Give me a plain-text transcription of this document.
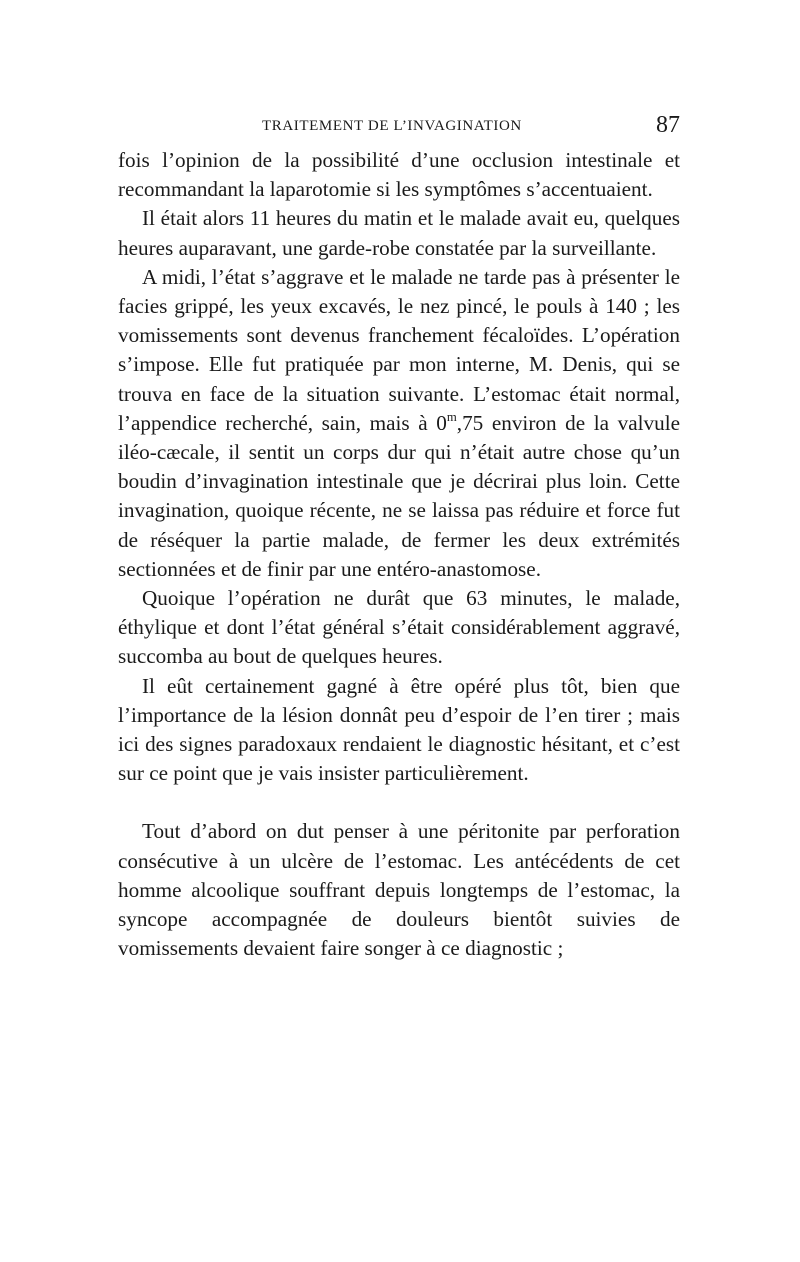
TRAITEMENT DE L’INVAGINATION	87

fois l’opinion de la possibilité d’une occlusion intestinale et recommandant la laparotomie si les symptômes s’accentuaient.

Il était alors 11 heures du matin et le malade avait eu, quelques heures auparavant, une garde-robe constatée par la surveillante.

A midi, l’état s’aggrave et le malade ne tarde pas à présenter le facies grippé, les yeux excavés, le nez pincé, le pouls à 140 ; les vomissements sont devenus franchement fécaloïdes. L’opération s’impose. Elle fut pratiquée par mon interne, M. Denis, qui se trouva en face de la situation suivante. L’estomac était normal, l’appendice recherché, sain, mais à 0$^m$,75 environ de la valvule iléo-cæcale, il sentit un corps dur qui n’était autre chose qu’un boudin d’invagination intestinale que je décrirai plus loin. Cette invagination, quoique récente, ne se laissa pas réduire et force fut de réséquer la partie malade, de fermer les deux extrémités sectionnées et de finir par une entéro-anastomose.

Quoique l’opération ne durât que 63 minutes, le malade, éthylique et dont l’état général s’était considérablement aggravé, succomba au bout de quelques heures.

Il eût certainement gagné à être opéré plus tôt, bien que l’importance de la lésion donnât peu d’espoir de l’en tirer ; mais ici des signes paradoxaux rendaient le diagnostic hésitant, et c’est sur ce point que je vais insister particulièrement.

Tout d’abord on dut penser à une péritonite par perforation consécutive à un ulcère de l’estomac. Les antécédents de cet homme alcoolique souffrant depuis longtemps de l’estomac, la syncope accompagnée de douleurs bientôt suivies de vomissements devaient faire songer à ce diagnostic ;
